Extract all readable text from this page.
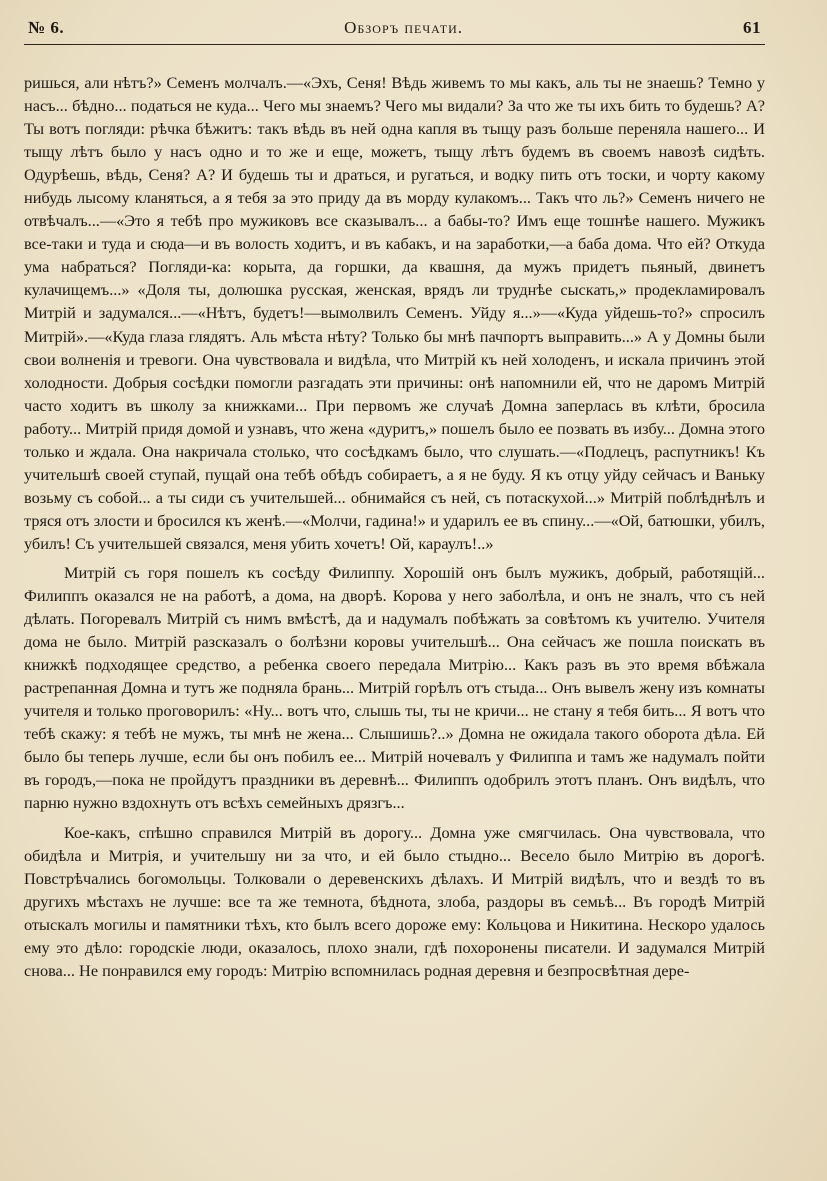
№ 6.	Обзоръ печати.	61

ришься, али нѣтъ?» Семенъ молчалъ.—«Эхъ, Сеня! Вѣдь живемъ то мы какъ, аль ты не знаешь? Темно у насъ... бѣдно... податься не куда... Чего мы знаемъ? Чего мы видали? За что же ты ихъ бить то будешь? А? Ты вотъ погляди: рѣчка бѣжитъ: такъ вѣдь въ ней одна капля въ тыщу разъ больше переняла нашего... И тыщу лѣтъ было у насъ одно и то же и еще, можетъ, тыщу лѣтъ будемъ въ своемъ навозѣ сидѣть. Одурѣешь, вѣдь, Сеня? А? И будешь ты и драться, и ругаться, и водку пить отъ тоски, и чорту какому нибудь лысому кланяться, а я тебя за это приду да въ морду кулакомъ... Такъ что ль?» Семенъ ничего не отвѣчалъ...—«Это я тебѣ про мужиковъ все сказывалъ... а бабы-то? Имъ еще тошнѣе нашего. Мужикъ все-таки и туда и сюда—и въ волость ходитъ, и въ кабакъ, и на заработки,—а баба дома. Что ей? Откуда ума набраться? Погляди-ка: корыта, да горшки, да квашня, да мужъ придетъ пьяный, двинетъ кулачищемъ...» «Доля ты, долюшка русская, женская, врядъ ли труднѣе сыскать,» продекламировалъ Митрій и задумался...—«Нѣтъ, будетъ!—вымолвилъ Семенъ. Уйду я...»—«Куда уйдешь-то?» спросилъ Митрій».—«Куда глаза глядятъ. Аль мѣста нѣту? Только бы мнѣ пачпортъ выправить...» А у Домны были свои волненія и тревоги. Она чувствовала и видѣла, что Митрій къ ней холоденъ, и искала причинъ этой холодности. Добрыя сосѣдки помогли разгадать эти причины: онѣ напомнили ей, что не даромъ Митрій часто ходитъ въ школу за книжками... При первомъ же случаѣ Домна заперлась въ клѣти, бросила работу... Митрій придя домой и узнавъ, что жена «дуритъ,» пошелъ было ее позвать въ избу... Домна этого только и ждала. Она накричала столько, что сосѣдкамъ было, что слушать.—«Подлецъ, распутникъ! Къ учительшѣ своей ступай, пущай она тебѣ обѣдъ собираетъ, а я не буду. Я къ отцу уйду сейчасъ и Ваньку возьму съ собой... а ты сиди съ учительшей... обнимайся съ ней, съ потаскухой...» Митрій поблѣднѣлъ и тряся отъ злости и бросился къ женѣ.—«Молчи, гадина!» и ударилъ ее въ спину...—«Ой, батюшки, убилъ, убилъ! Съ учительшей связался, меня убить хочетъ! Ой, караулъ!..»

Митрій съ горя пошелъ къ сосѣду Филиппу. Хорошій онъ былъ мужикъ, добрый, работящій... Филиппъ оказался не на работѣ, а дома, на дворѣ. Корова у него заболѣла, и онъ не зналъ, что съ ней дѣлать. Погоревалъ Митрій съ нимъ вмѣстѣ, да и надумалъ побѣжать за совѣтомъ къ учителю. Учителя дома не было. Митрій разсказалъ о болѣзни коровы учительшѣ... Она сейчасъ же пошла поискать въ книжкѣ подходящее средство, а ребенка своего передала Митрію... Какъ разъ въ это время вбѣжала растрепанная Домна и тутъ же подняла брань... Митрій горѣлъ отъ стыда... Онъ вывелъ жену изъ комнаты учителя и только проговорилъ: «Ну... вотъ что, слышь ты, ты не кричи... не стану я тебя бить... Я вотъ что тебѣ скажу: я тебѣ не мужъ, ты мнѣ не жена... Слышишь?..» Домна не ожидала такого оборота дѣла. Ей было бы теперь лучше, если бы онъ побилъ ее... Митрій ночевалъ у Филиппа и тамъ же надумалъ пойти въ городъ,—пока не пройдутъ праздники въ деревнѣ... Филиппъ одобрилъ этотъ планъ. Онъ видѣлъ, что парню нужно вздохнуть отъ всѣхъ семейныхъ дрязгъ...

Кое-какъ, спѣшно справился Митрій въ дорогу... Домна уже смягчилась. Она чувствовала, что обидѣла и Митрія, и учительшу ни за что, и ей было стыдно... Весело было Митрію въ дорогѣ. Повстрѣчались богомольцы. Толковали о деревенскихъ дѣлахъ. И Митрій видѣлъ, что и вездѣ то въ другихъ мѣстахъ не лучше: все та же темнота, бѣднота, злоба, раздоры въ семьѣ... Въ городѣ Митрій отыскалъ могилы и памятники тѣхъ, кто былъ всего дороже ему: Кольцова и Никитина. Нескоро удалось ему это дѣло: городскіе люди, оказалось, плохо знали, гдѣ похоронены писатели. И задумался Митрій снова... Не понравился ему городъ: Митрію вспомнилась родная деревня и безпросвѣтная дере-
